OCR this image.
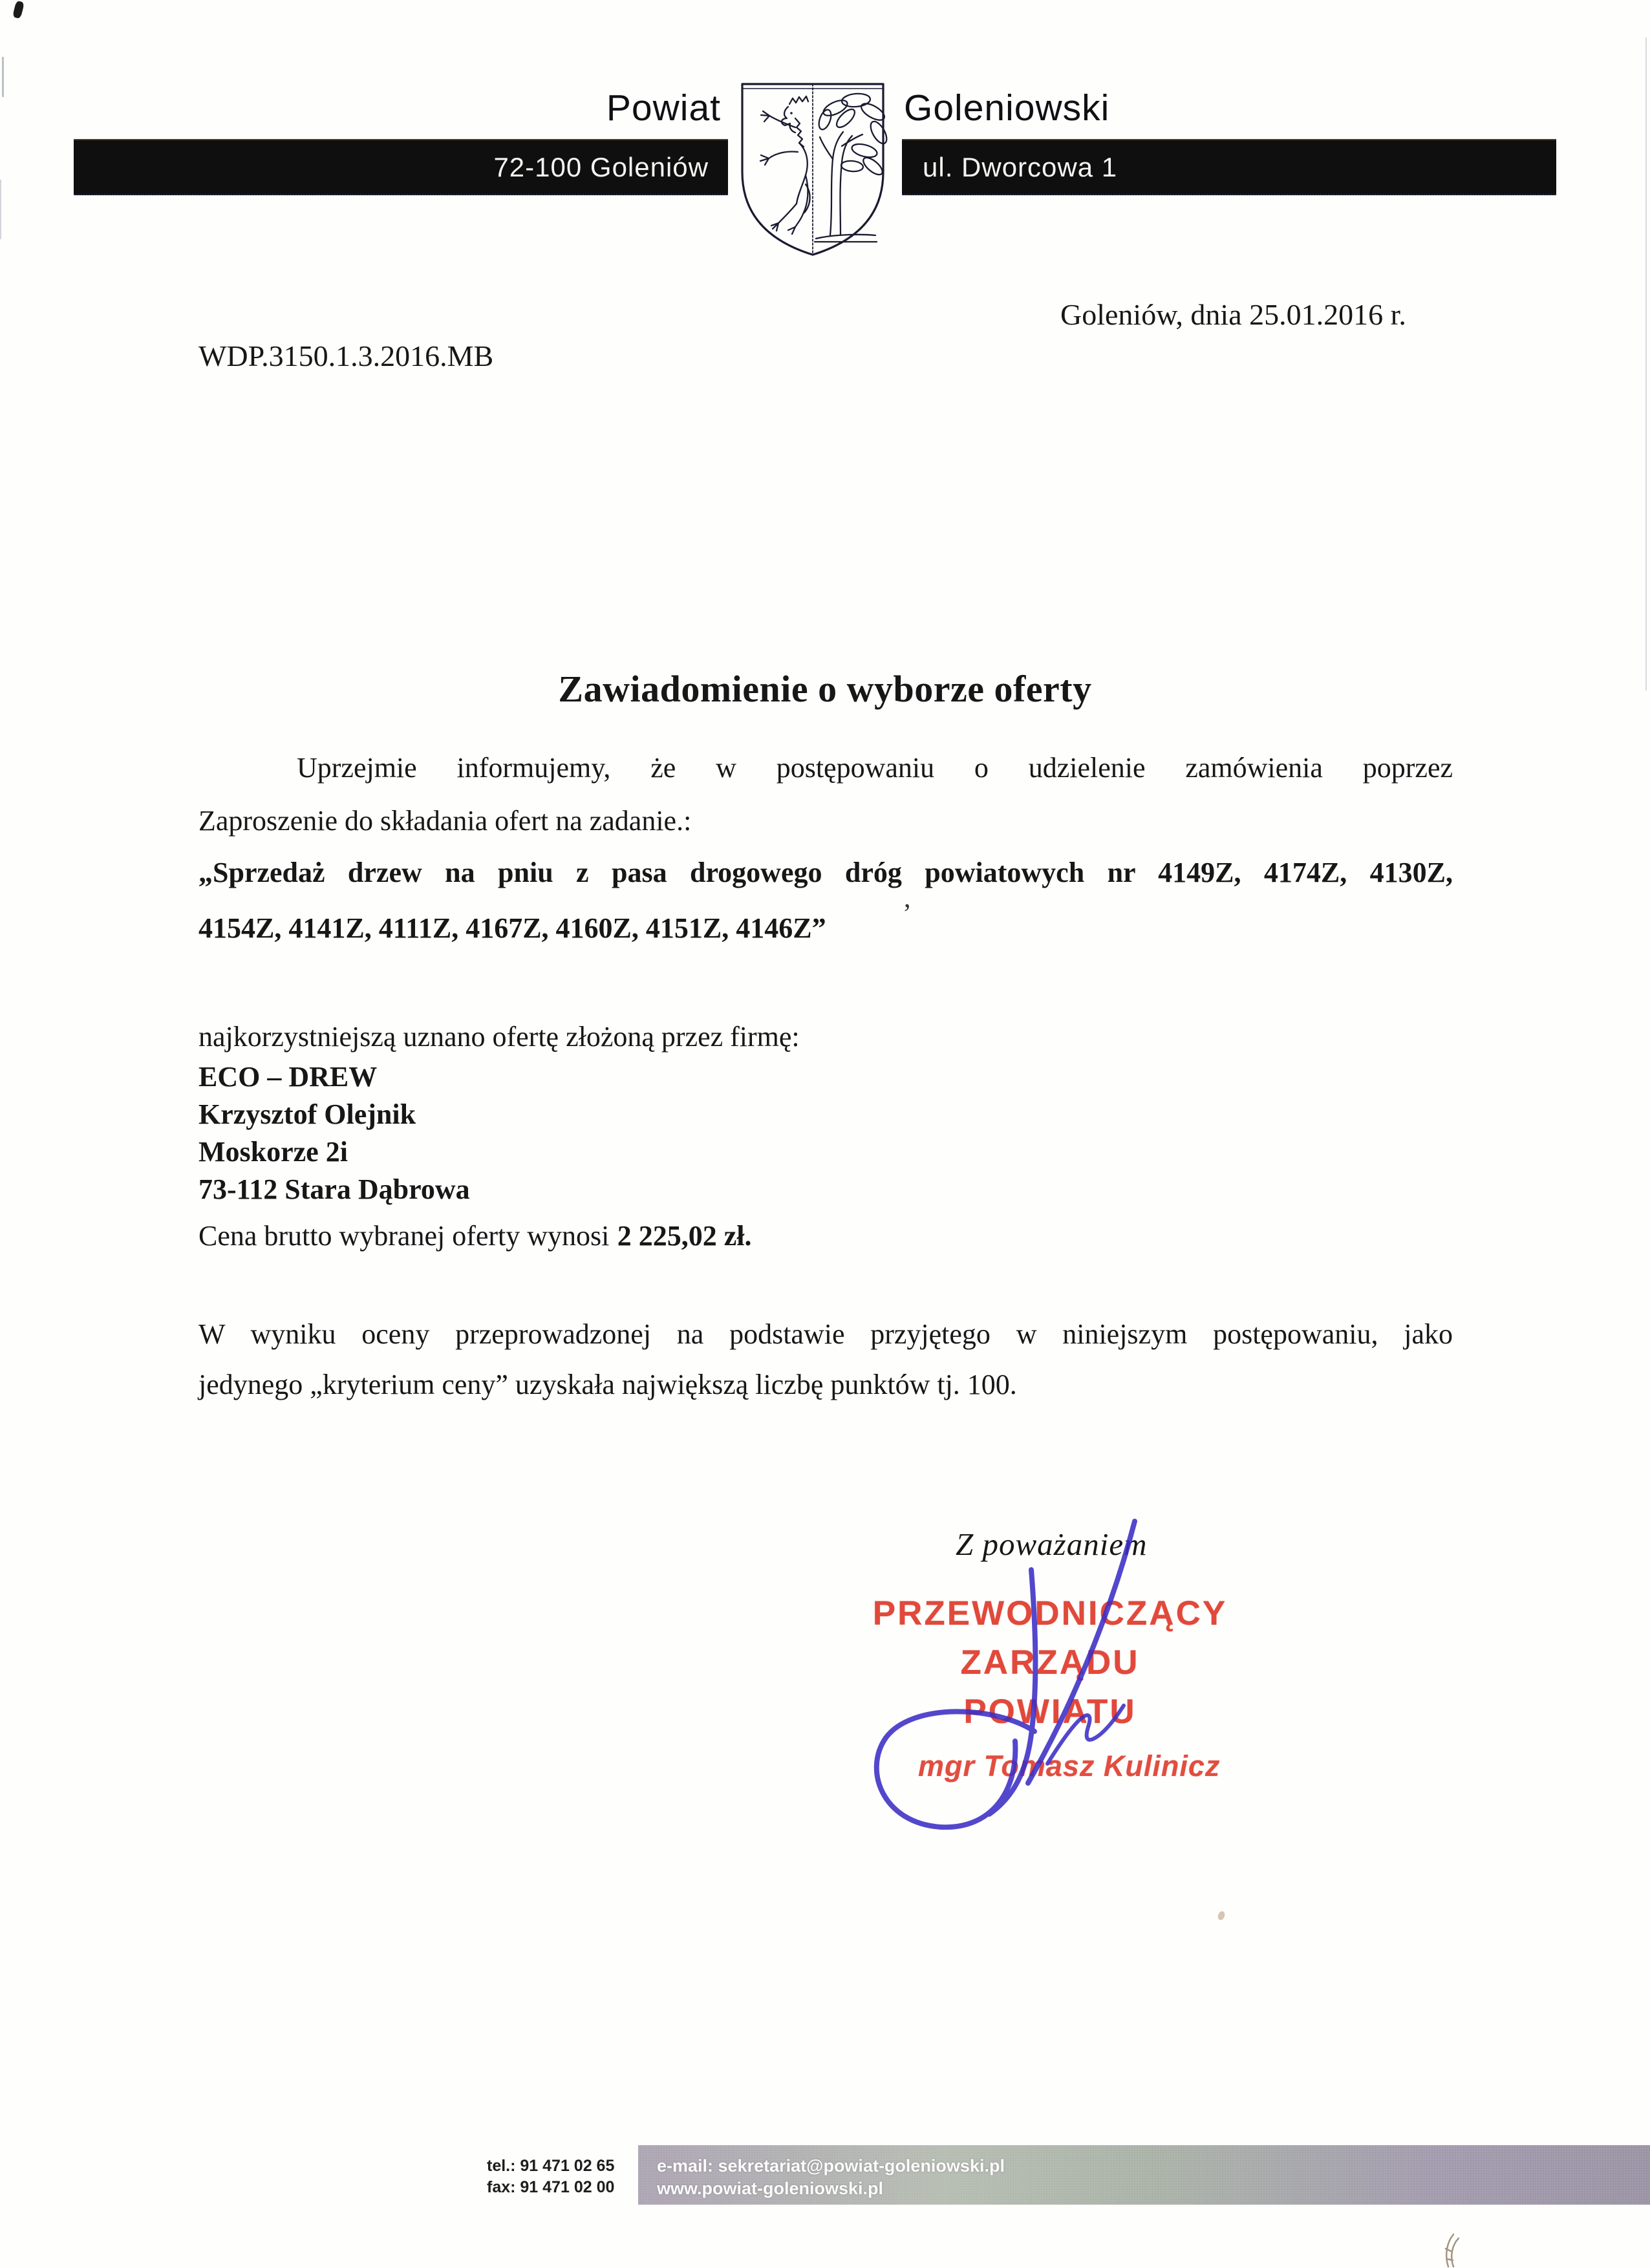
Powiat	Goleniowski
72-100 Goleniów	ul. Dworcowa 1
Goleniów, dnia 25.01.2016 r.
WDP.3150.1.3.2016.MB
Zawiadomienie o wyborze oferty
Uprzejmie informujemy, że w postępowaniu o udzielenie zamówienia poprzez
Zaproszenie do składania ofert na zadanie.:
„Sprzedaż drzew na pniu z pasa drogowego dróg powiatowych nr 4149Z, 4174Z, 4130Z,
4154Z, 4141Z, 4111Z, 4167Z, 4160Z, 4151Z, 4146Z”
najkorzystniejszą uznano ofertę złożoną przez firmę:
ECO – DREW
Krzysztof Olejnik
Moskorze 2i
73-112 Stara Dąbrowa
Cena brutto wybranej oferty wynosi 2 225,02 zł.
W wyniku oceny przeprowadzonej na podstawie przyjętego w niniejszym postępowaniu, jako
jedynego „kryterium ceny” uzyskała największą liczbę punktów tj. 100.
Z poważaniem
PRZEWODNICZĄCY
ZARZĄDU POWIATU
mgr Tomasz Kulinicz
tel.: 91 471 02 65
fax: 91 471 02 00
e-mail: sekretariat@powiat-goleniowski.pl
www.powiat-goleniowski.pl
,
